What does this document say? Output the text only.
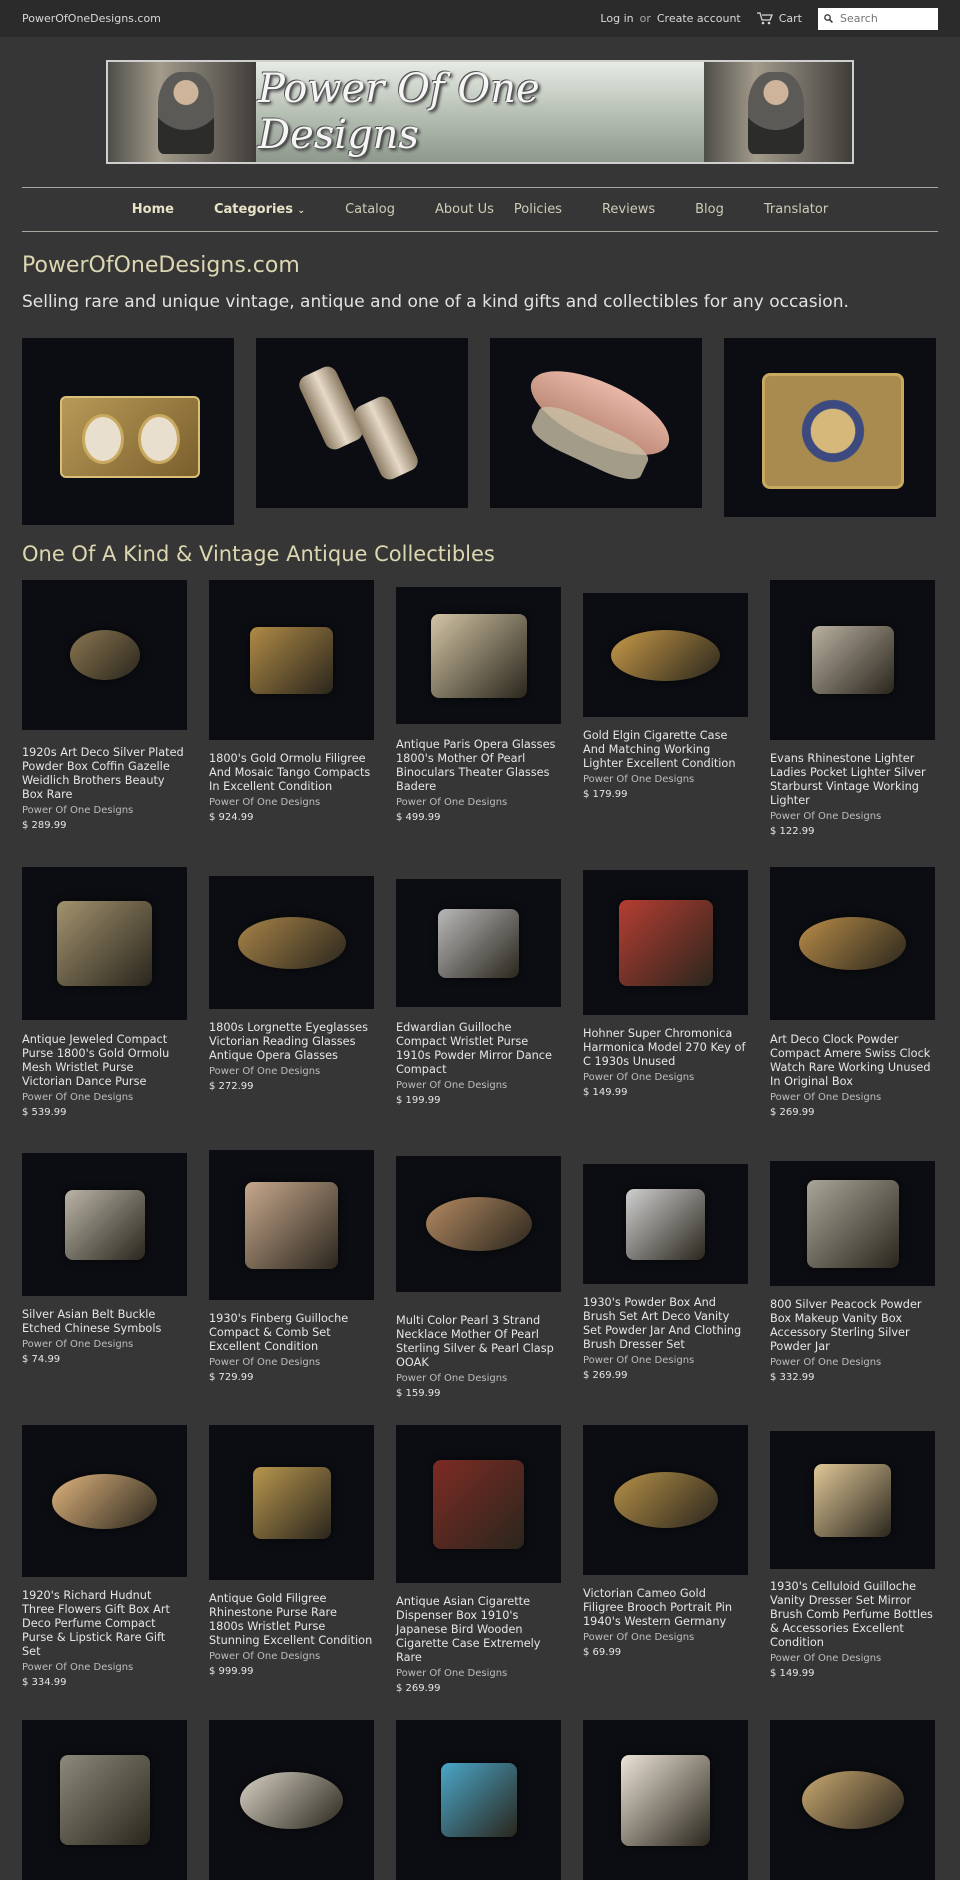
PowerOfOneDesigns.com	Log in or Create account	Cart
Search
Power Of One Designs
Home	Categories ⌄	Catalog	About Us	Policies	Reviews	Blog	Translator
PowerOfOneDesigns.com
Selling rare and unique vintage, antique and one of a kind gifts and collectibles for any occasion.
One Of A Kind & Vintage Antique Collectibles
1920s Art Deco Silver Plated Powder Box Coffin Gazelle Weidlich Brothers Beauty Box Rare
Power Of One Designs
$ 289.99
1800's Gold Ormolu Filigree And Mosaic Tango Compacts In Excellent Condition
Power Of One Designs
$ 924.99
Antique Paris Opera Glasses 1800's Mother Of Pearl Binoculars Theater Glasses Badere
Power Of One Designs
$ 499.99
Gold Elgin Cigarette Case And Matching Working Lighter Excellent Condition
Power Of One Designs
$ 179.99
Evans Rhinestone Lighter Ladies Pocket Lighter Silver Starburst Vintage Working Lighter
Power Of One Designs
$ 122.99
Antique Jeweled Compact Purse 1800's Gold Ormolu Mesh Wristlet Purse Victorian Dance Purse
Power Of One Designs
$ 539.99
1800s Lorgnette Eyeglasses Victorian Reading Glasses Antique Opera Glasses
Power Of One Designs
$ 272.99
Edwardian Guilloche Compact Wristlet Purse 1910s Powder Mirror Dance Compact
Power Of One Designs
$ 199.99
Hohner Super Chromonica Harmonica Model 270 Key of C 1930s Unused
Power Of One Designs
$ 149.99
Art Deco Clock Powder Compact Amere Swiss Clock Watch Rare Working Unused In Original Box
Power Of One Designs
$ 269.99
Silver Asian Belt Buckle Etched Chinese Symbols
Power Of One Designs
$ 74.99
1930's Finberg Guilloche Compact & Comb Set Excellent Condition
Power Of One Designs
$ 729.99
Multi Color Pearl 3 Strand Necklace Mother Of Pearl Sterling Silver & Pearl Clasp OOAK
Power Of One Designs
$ 159.99
1930's Powder Box And Brush Set Art Deco Vanity Set Powder Jar And Clothing Brush Dresser Set
Power Of One Designs
$ 269.99
800 Silver Peacock Powder Box Makeup Vanity Box Accessory Sterling Silver Powder Jar
Power Of One Designs
$ 332.99
1920's Richard Hudnut Three Flowers Gift Box Art Deco Perfume Compact Purse & Lipstick Rare Gift Set
Power Of One Designs
$ 334.99
Antique Gold Filigree Rhinestone Purse Rare 1800s Wristlet Purse Stunning Excellent Condition
Power Of One Designs
$ 999.99
Antique Asian Cigarette Dispenser Box 1910's Japanese Bird Wooden Cigarette Case Extremely Rare
Power Of One Designs
$ 269.99
Victorian Cameo Gold Filigree Brooch Portrait Pin 1940's Western Germany
Power Of One Designs
$ 69.99
1930's Celluloid Guilloche Vanity Dresser Set Mirror Brush Comb Perfume Bottles & Accessories Excellent Condition
Power Of One Designs
$ 149.99
